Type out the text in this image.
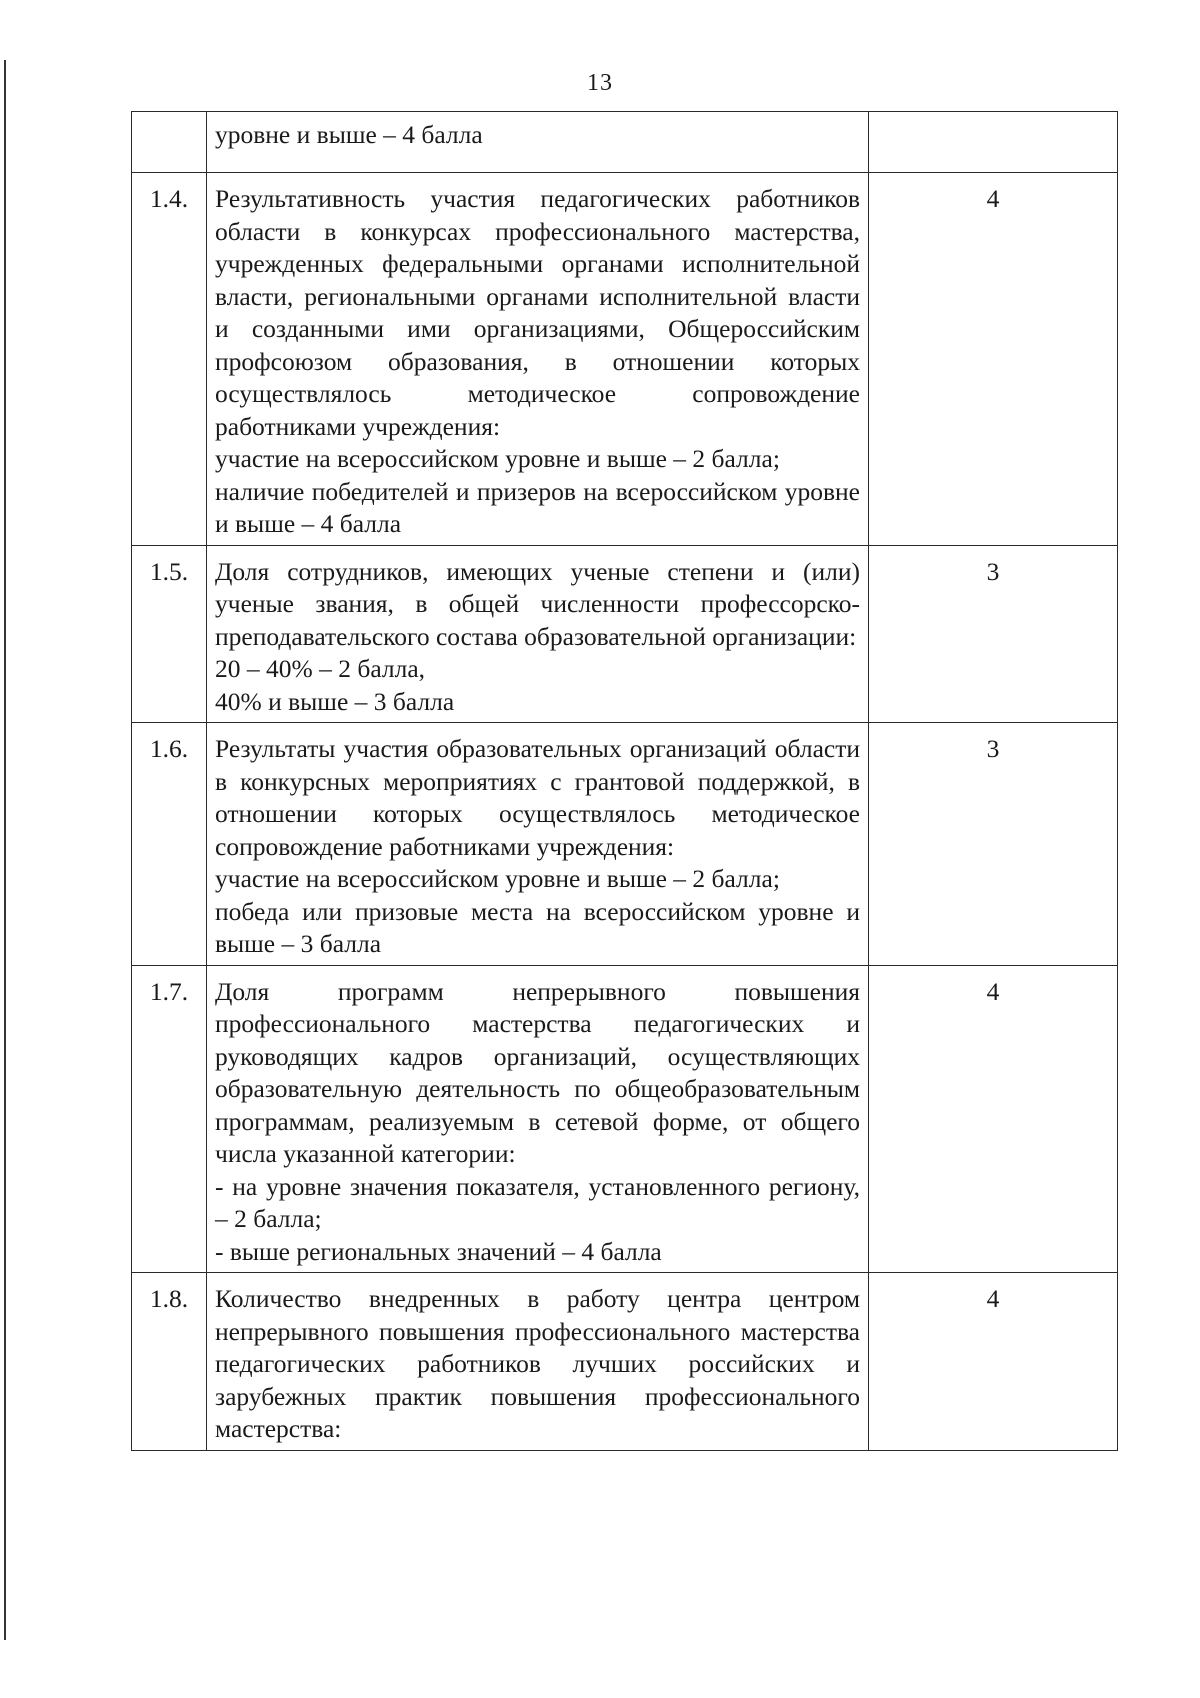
13

	уровне и выше – 4 балла	

1.4.	Результативность участия педагогических работников области в конкурсах профессионального мастерства, учрежденных федеральными органами исполнительной власти, региональными органами исполнительной власти и созданными ими организациями, Общероссийским профсоюзом образования, в отношении которых осуществлялось методическое сопровождение работниками учреждения:
участие на всероссийском уровне и выше – 2 балла;
наличие победителей и призеров на всероссийском уровне и выше – 4 балла	4
1.5.	Доля сотрудников, имеющих ученые степени и (или) ученые звания, в общей численности профессорско-преподавательского состава образовательной организации:
20 – 40% – 2 балла,
40% и выше – 3 балла	3
1.6.	Результаты участия образовательных организаций области в конкурсных мероприятиях с грантовой поддержкой, в отношении которых осуществлялось методическое сопровождение работниками учреждения:
участие на всероссийском уровне и выше – 2 балла;
победа или призовые места на всероссийском уровне и выше – 3 балла	3
1.7.	Доля программ непрерывного повышения профессионального мастерства педагогических и руководящих кадров организаций, осуществляющих образовательную деятельность по общеобразовательным программам, реализуемым в сетевой форме, от общего числа указанной категории:
- на уровне значения показателя, установленного региону, – 2 балла;
- выше региональных значений – 4 балла	4
1.8.	Количество внедренных в работу центра центром непрерывного повышения профессионального мастерства педагогических работников лучших российских и зарубежных практик повышения профессионального мастерства:	4
